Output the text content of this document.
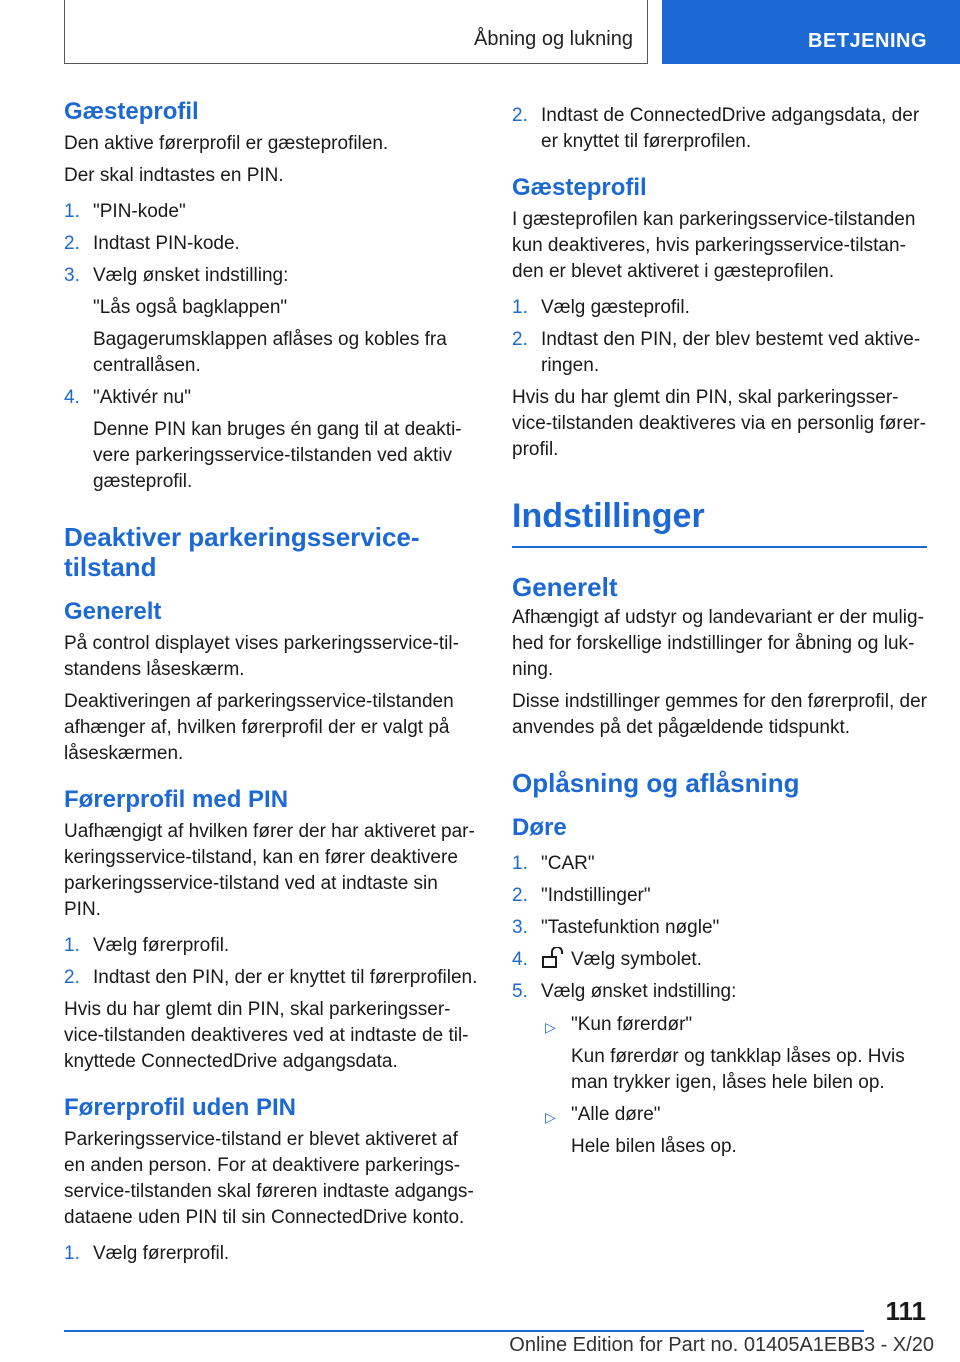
Åbning og lukning	BETJENING
Gæsteprofil

Den aktive førerprofil er gæsteprofilen.

Der skal indtastes en PIN.

1. "PIN-kode"
2. Indtast PIN-kode.
3. Vælg ønsket indstilling:
"Lås også bagklappen"
Bagagerumsklappen aflåses og kobles fra centrallåsen.
4. "Aktivér nu"
Denne PIN kan bruges én gang til at deaktivere parkeringsservice-tilstanden ved aktiv gæsteprofil.
Deaktiver parkeringsservice-tilstand
Generelt

På control displayet vises parkeringsservice-tilstandens låseskærm.

Deaktiveringen af parkeringsservice-tilstanden afhænger af, hvilken førerprofil der er valgt på låseskærmen.

Førerprofil med PIN

Uafhængigt af hvilken fører der har aktiveret parkeringsservice-tilstand, kan en fører deaktivere parkeringsservice-tilstand ved at indtaste sin PIN.

1. Vælg førerprofil.
2. Indtast den PIN, der er knyttet til førerprofilen.

Hvis du har glemt din PIN, skal parkeringsservice-tilstanden deaktiveres ved at indtaste de tilknyttede ConnectedDrive adgangsdata.

Førerprofil uden PIN

Parkeringsservice-tilstand er blevet aktiveret af en anden person. For at deaktivere parkeringsservice-tilstanden skal føreren indtaste adgangsdataene uden PIN til sin ConnectedDrive konto.

1. Vælg førerprofil.
2. Indtast de ConnectedDrive adgangsdata, der er knyttet til førerprofilen.
Gæsteprofil

I gæsteprofilen kan parkeringsservice-tilstanden kun deaktiveres, hvis parkeringsservice-tilstanden er blevet aktiveret i gæsteprofilen.

1. Vælg gæsteprofil.
2. Indtast den PIN, der blev bestemt ved aktiveringen.

Hvis du har glemt din PIN, skal parkeringsservice-tilstanden deaktiveres via en personlig førerprofil.

Indstillinger
Generelt

Afhængigt af udstyr og landevariant er der mulighed for forskellige indstillinger for åbning og lukning.

Disse indstillinger gemmes for den førerprofil, der anvendes på det pågældende tidspunkt.

Oplåsning og aflåsning
Døre
1. "CAR"
2. "Indstillinger"
3. "Tastefunktion nøgle"
4. Vælg symbolet.
5. Vælg ønsket indstilling:
▷ "Kun førerdør"
Kun førerdør og tankklap låses op. Hvis man trykker igen, låses hele bilen op.
▷ "Alle døre"
Hele bilen låses op.
111
Online Edition for Part no. 01405A1EBB3 - X/20
